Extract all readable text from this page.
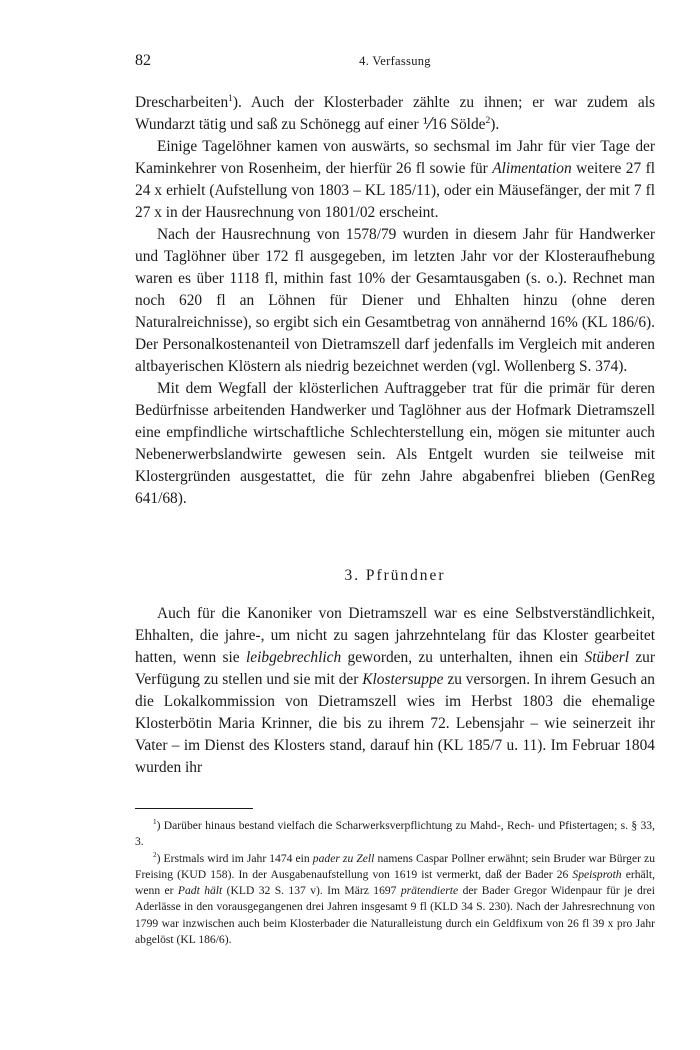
82	4. Verfassung

Drescharbeiten$^1$). Auch der Klosterbader zählte zu ihnen; er war zudem als Wundarzt tätig und saß zu Schönegg auf einer ⅟16 Sölde$^2$).

Einige Tagelöhner kamen von auswärts, so sechsmal im Jahr für vier Tage der Kaminkehrer von Rosenheim, der hierfür 26 fl sowie für Alimentation weitere 27 fl 24 x erhielt (Aufstellung von 1803 – KL 185/11), oder ein Mäusefänger, der mit 7 fl 27 x in der Hausrechnung von 1801/02 erscheint.

Nach der Hausrechnung von 1578/79 wurden in diesem Jahr für Handwerker und Taglöhner über 172 fl ausgegeben, im letzten Jahr vor der Klosteraufhebung waren es über 1118 fl, mithin fast 10% der Gesamtausgaben (s. o.). Rechnet man noch 620 fl an Löhnen für Diener und Ehhalten hinzu (ohne deren Naturalreichnisse), so ergibt sich ein Gesamtbetrag von annähernd 16% (KL 186/6). Der Personalkostenanteil von Dietramszell darf jedenfalls im Vergleich mit anderen altbayerischen Klöstern als niedrig bezeichnet werden (vgl. Wollenberg S. 374).

Mit dem Wegfall der klösterlichen Auftraggeber trat für die primär für deren Bedürfnisse arbeitenden Handwerker und Taglöhner aus der Hofmark Dietramszell eine empfindliche wirtschaftliche Schlechterstellung ein, mögen sie mitunter auch Nebenerwerbslandwirte gewesen sein. Als Entgelt wurden sie teilweise mit Klostergründen ausgestattet, die für zehn Jahre abgabenfrei blieben (GenReg 641/68).

3. Pfründner

Auch für die Kanoniker von Dietramszell war es eine Selbstverständlichkeit, Ehhalten, die jahre-, um nicht zu sagen jahrzehntelang für das Kloster gearbeitet hatten, wenn sie leibgebrechlich geworden, zu unterhalten, ihnen ein Stüberl zur Verfügung zu stellen und sie mit der Klostersuppe zu versorgen. In ihrem Gesuch an die Lokalkommission von Dietramszell wies im Herbst 1803 die ehemalige Klosterbötin Maria Krinner, die bis zu ihrem 72. Lebensjahr – wie seinerzeit ihr Vater – im Dienst des Klosters stand, darauf hin (KL 185/7 u. 11). Im Februar 1804 wurden ihr

$^1$) Darüber hinaus bestand vielfach die Scharwerksverpflichtung zu Mahd-, Rech- und Pfistertagen; s. § 33, 3.

$^2$) Erstmals wird im Jahr 1474 ein pader zu Zell namens Caspar Pollner erwähnt; sein Bruder war Bürger zu Freising (KUD 158). In der Ausgabenaufstellung von 1619 ist vermerkt, daß der Bader 26 Speisproth erhält, wenn er Padt hält (KLD 32 S. 137 v). Im März 1697 prätendierte der Bader Gregor Widenpaur für je drei Aderlässe in den vorausgegangenen drei Jahren insgesamt 9 fl (KLD 34 S. 230). Nach der Jahresrechnung von 1799 war inzwischen auch beim Klosterbader die Naturalleistung durch ein Geldfixum von 26 fl 39 x pro Jahr abgelöst (KL 186/6).
